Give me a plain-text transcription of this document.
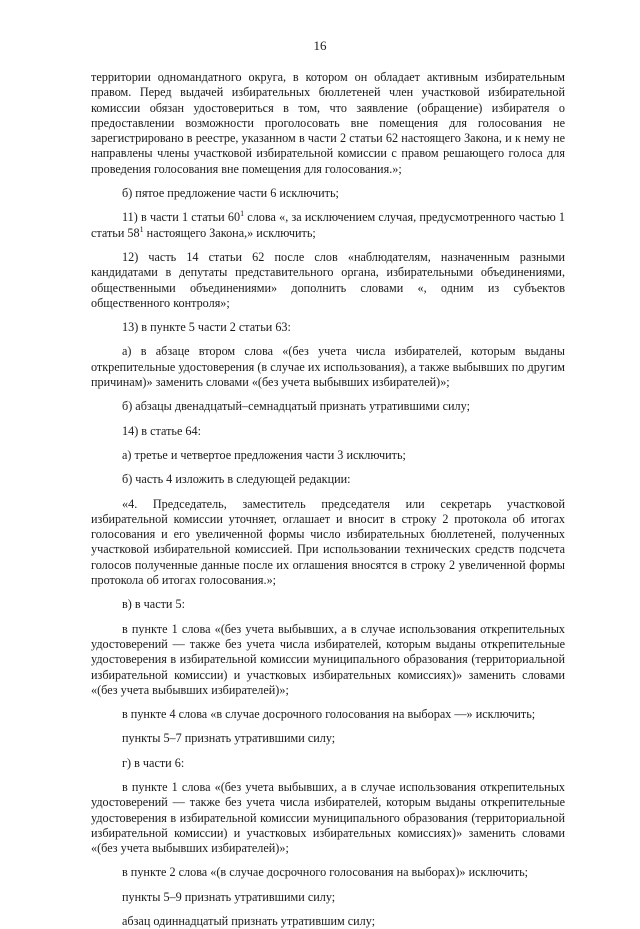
16

территории одномандатного округа, в котором он обладает активным избирательным правом. Перед выдачей избирательных бюллетеней член участковой избирательной комиссии обязан удостовериться в том, что заявление (обращение) избирателя о предоставлении возможности проголосовать вне помещения для голосования не зарегистрировано в реестре, указанном в части 2 статьи 62 настоящего Закона, и к нему не направлены члены участковой избирательной комиссии с правом решающего голоса для проведения голосования вне помещения для голосования.»;

б) пятое предложение части 6 исключить;

11) в части 1 статьи $60^1$ слова «, за исключением случая, предусмотренного частью 1 статьи $58^1$ настоящего Закона,» исключить;

12) часть 14 статьи 62 после слов «наблюдателям, назначенным разными кандидатами в депутаты представительного органа, избирательными объединениями, общественными объединениями» дополнить словами «, одним из субъектов общественного контроля»;

13) в пункте 5 части 2 статьи 63:

а) в абзаце втором слова «(без учета числа избирателей, которым выданы открепительные удостоверения (в случае их использования), а также выбывших по другим причинам)» заменить словами «(без учета выбывших избирателей)»;

б) абзацы двенадцатый–семнадцатый признать утратившими силу;

14) в статье 64:

а) третье и четвертое предложения части 3 исключить;

б) часть 4 изложить в следующей редакции:

«4. Председатель, заместитель председателя или секретарь участковой избирательной комиссии уточняет, оглашает и вносит в строку 2 протокола об итогах голосования и его увеличенной формы число избирательных бюллетеней, полученных участковой избирательной комиссией. При использовании технических средств подсчета голосов полученные данные после их оглашения вносятся в строку 2 увеличенной формы протокола об итогах голосования.»;

в) в части 5:

в пункте 1 слова «(без учета выбывших, а в случае использования открепительных удостоверений — также без учета числа избирателей, которым выданы открепительные удостоверения в избирательной комиссии муниципального образования (территориальной избирательной комиссии) и участковых избирательных комиссиях)» заменить словами «(без учета выбывших избирателей)»;

в пункте 4 слова «в случае досрочного голосования на выборах —» исключить;

пункты 5–7 признать утратившими силу;

г) в части 6:

в пункте 1 слова «(без учета выбывших, а в случае использования открепительных удостоверений — также без учета числа избирателей, которым выданы открепительные удостоверения в избирательной комиссии муниципального образования (территориальной избирательной комиссии) и участковых избирательных комиссиях)» заменить словами «(без учета выбывших избирателей)»;

в пункте 2 слова «(в случае досрочного голосования на выборах)» исключить;

пункты 5–9 признать утратившими силу;

абзац одиннадцатый признать утратившим силу;
